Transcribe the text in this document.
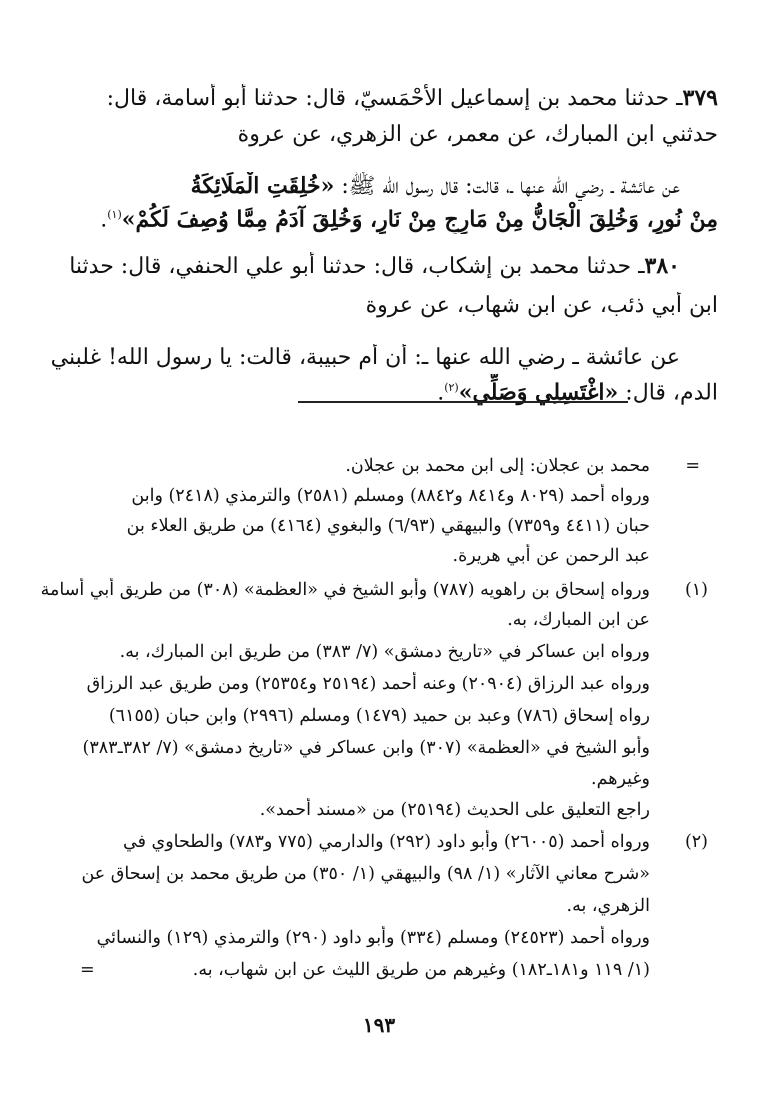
٣٧٩ـ حدثنا محمد بن إسماعيل الأَحْمَسيّ، قال: حدثنا أبو أسامة، قال:
حدثني ابن المبارك، عن معمر، عن الزهري، عن عروة
عن عائشة ـ رضي الله عنها ـ، قالت: قال رسول الله ﷺ: «خُلِقَتِ الْمَلَائِكَةُ
مِنْ نُورٍ، وَخُلِقَ الْجَانُّ مِنْ مَارِجٍ مِنْ نَارٍ، وَخُلِقَ آدَمُ مِمَّا وُصِفَ لَكُمْ»$^{(١)}$.
٣٨٠ـ حدثنا محمد بن إشكاب، قال: حدثنا أبو علي الحنفي، قال: حدثنا
ابن أبي ذئب، عن ابن شهاب، عن عروة
عن عائشة ـ رضي الله عنها ـ: أن أم حبيبة، قالت: يا رسول الله! غلبني
الدم، قال: «اغْتَسِلِي وَصَلِّي»$^{(٢)}$.
=
محمد بن عجلان: إلى ابن محمد بن عجلان.
ورواه أحمد (٨٠٢٩ و٨٤١٤ و٨٨٤٢) ومسلم (٢٥٨١) والترمذي (٢٤١٨) وابن
حبان (٤٤١١ و٧٣٥٩) والبيهقي (٦/٩٣) والبغوي (٤١٦٤) من طريق العلاء بن
عبد الرحمن عن أبي هريرة.
(١)
ورواه إسحاق بن راهويه (٧٨٧) وأبو الشيخ في «العظمة» (٣٠٨) من طريق أبي أسامة
عن ابن المبارك، به.
ورواه ابن عساكر في «تاريخ دمشق» (٧/ ٣٨٣) من طريق ابن المبارك، به.
ورواه عبد الرزاق (٢٠٩٠٤) وعنه أحمد (٢٥١٩٤ و٢٥٣٥٤) ومن طريق عبد الرزاق
رواه إسحاق (٧٨٦) وعبد بن حميد (١٤٧٩) ومسلم (٢٩٩٦) وابن حبان (٦١٥٥)
وأبو الشيخ في «العظمة» (٣٠٧) وابن عساكر في «تاريخ دمشق» (٧/ ٣٨٢ـ٣٨٣)
وغيرهم.
راجع التعليق على الحديث (٢٥١٩٤) من «مسند أحمد».
(٢)
ورواه أحمد (٢٦٠٠٥) وأبو داود (٢٩٢) والدارمي (٧٧٥ و٧٨٣) والطحاوي في
«شرح معاني الآثار» (١/ ٩٨) والبيهقي (١/ ٣٥٠) من طريق محمد بن إسحاق عن
الزهري، به.
ورواه أحمد (٢٤٥٢٣) ومسلم (٣٣٤) وأبو داود (٢٩٠) والترمذي (١٢٩) والنسائي
(١/ ١١٩ و١٨١ـ١٨٢) وغيرهم من طريق الليث عن ابن شهاب، به.
=
١٩٣
